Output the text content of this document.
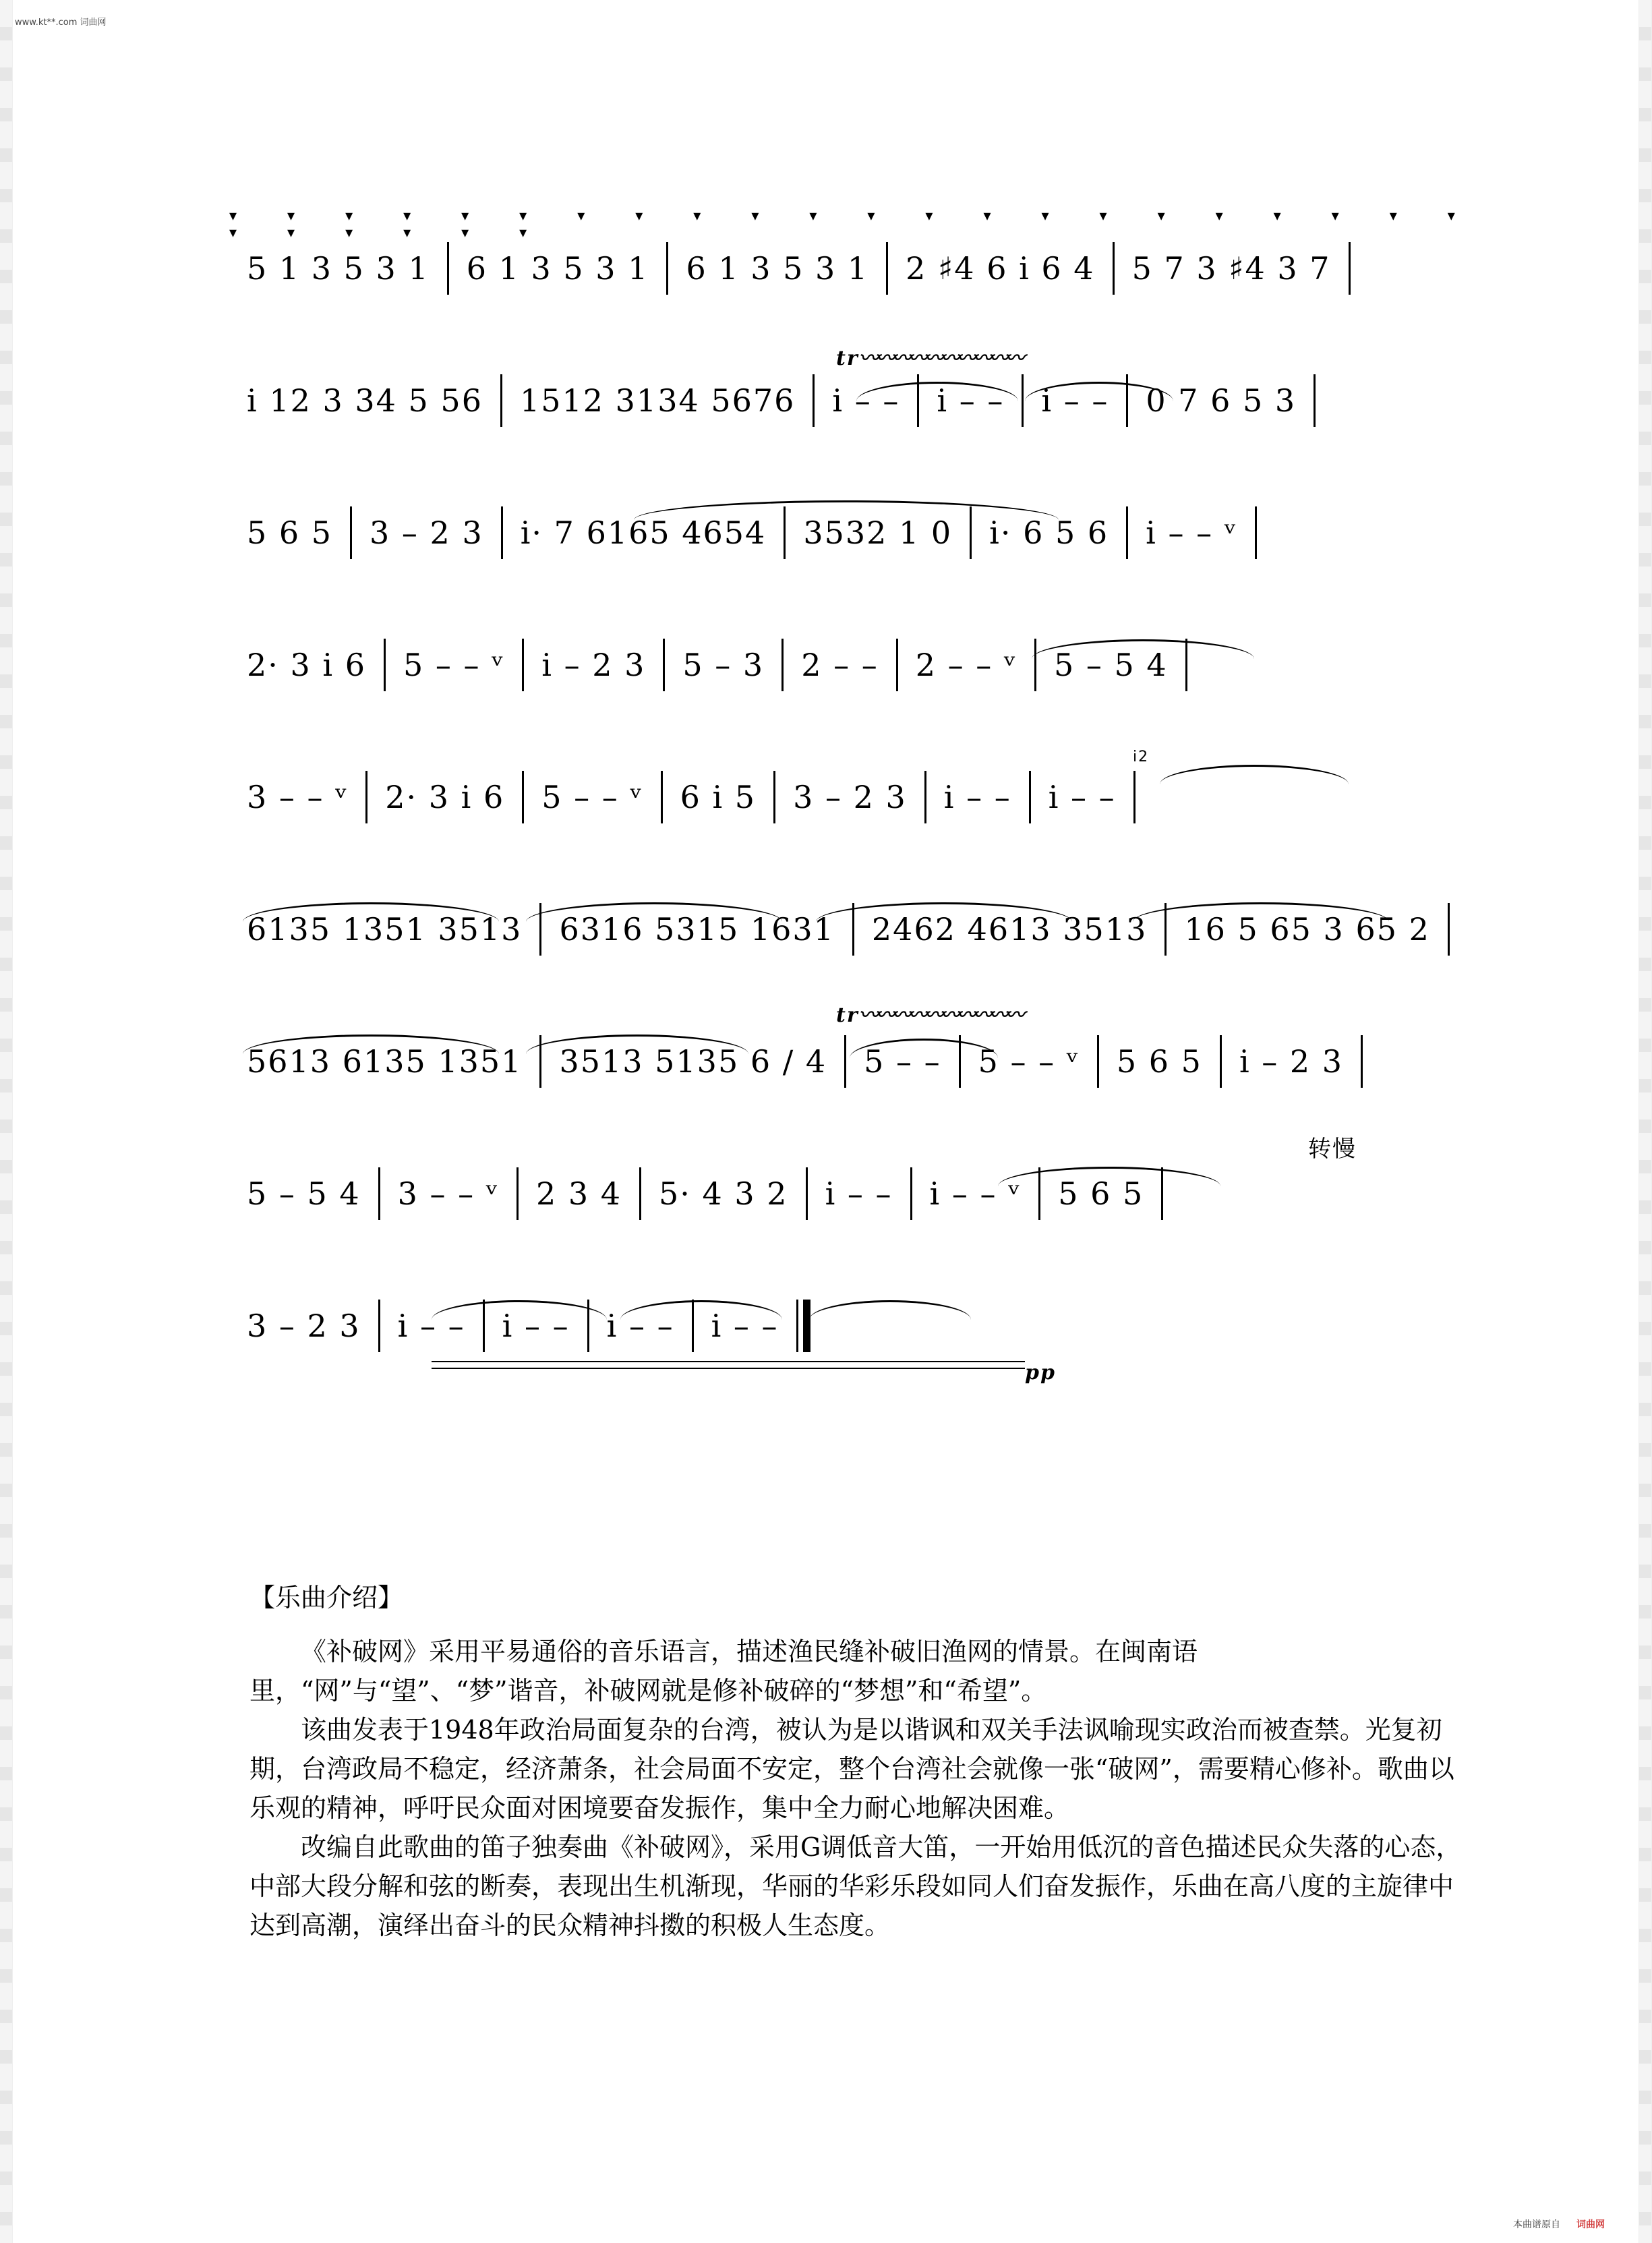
www.kt**.com 词曲网
▾ ▾ ▾ ▾ ▾ ▾ ▾ ▾ ▾ ▾ ▾ ▾ ▾ ▾ ▾ ▾ ▾ ▾ ▾ ▾ ▾ ▾ ▾ ▾ ▾ ▾ ▾ ▾
5 1 3 5 3 1	6 1 3 5 3 1	6 1 3 5 3 1	2 ♯4 6 i 6 4	5 7 3 ♯4 3 7
tr〰〰〰〰〰〰〰〰〰〰
i 12 3 34 5 56	1512 3134 5676	i – –	i – –	i – –	0 7 6 5 3
5 6 5	3 – 2 3	i· 7 6165 4654	3532 1 0	i· 6 5 6	i – – ᵛ
2· 3 i 6	5 – – ᵛ	i – 2 3	5 – 3	2 – –	2 – – ᵛ	5 – 5 4
i2
3 – – ᵛ	2· 3 i 6	5 – – ᵛ	6 i 5	3 – 2 3	i – –	i – –
6135 1351 3513	6316 5315 1631	2462 4613 3513	16 5 65 3 65 2
tr〰〰〰〰〰〰〰〰〰〰
5613 6135 1351	3513 5135 6 / 4	5 – –	5 – – ᵛ	5 6 5	i – 2 3
转慢
5 – 5 4	3 – – ᵛ	2 3 4	5· 4 3 2	i – –	i – – ᵛ	5 6 5
pp
3 – 2 3	i – –	i – –	i – –	i – –
【乐曲介绍】

《补破网》采用平易通俗的音乐语言，描述渔民缝补破旧渔网的情景。在闽南语里，“网”与“望”、“梦”谐音，补破网就是修补破碎的“梦想”和“希望”。

该曲发表于1948年政治局面复杂的台湾，被认为是以谐讽和双关手法讽喻现实政治而被查禁。光复初期，台湾政局不稳定，经济萧条，社会局面不安定，整个台湾社会就像一张“破网”，需要精心修补。歌曲以乐观的精神，呼吁民众面对困境要奋发振作，集中全力耐心地解决困难。

改编自此歌曲的笛子独奏曲《补破网》，采用G调低音大笛，一开始用低沉的音色描述民众失落的心态，中部大段分解和弦的断奏，表现出生机渐现，华丽的华彩乐段如同人们奋发振作，乐曲在高八度的主旋律中达到高潮，演绎出奋斗的民众精神抖擞的积极人生态度。

本曲谱原自 词曲网
